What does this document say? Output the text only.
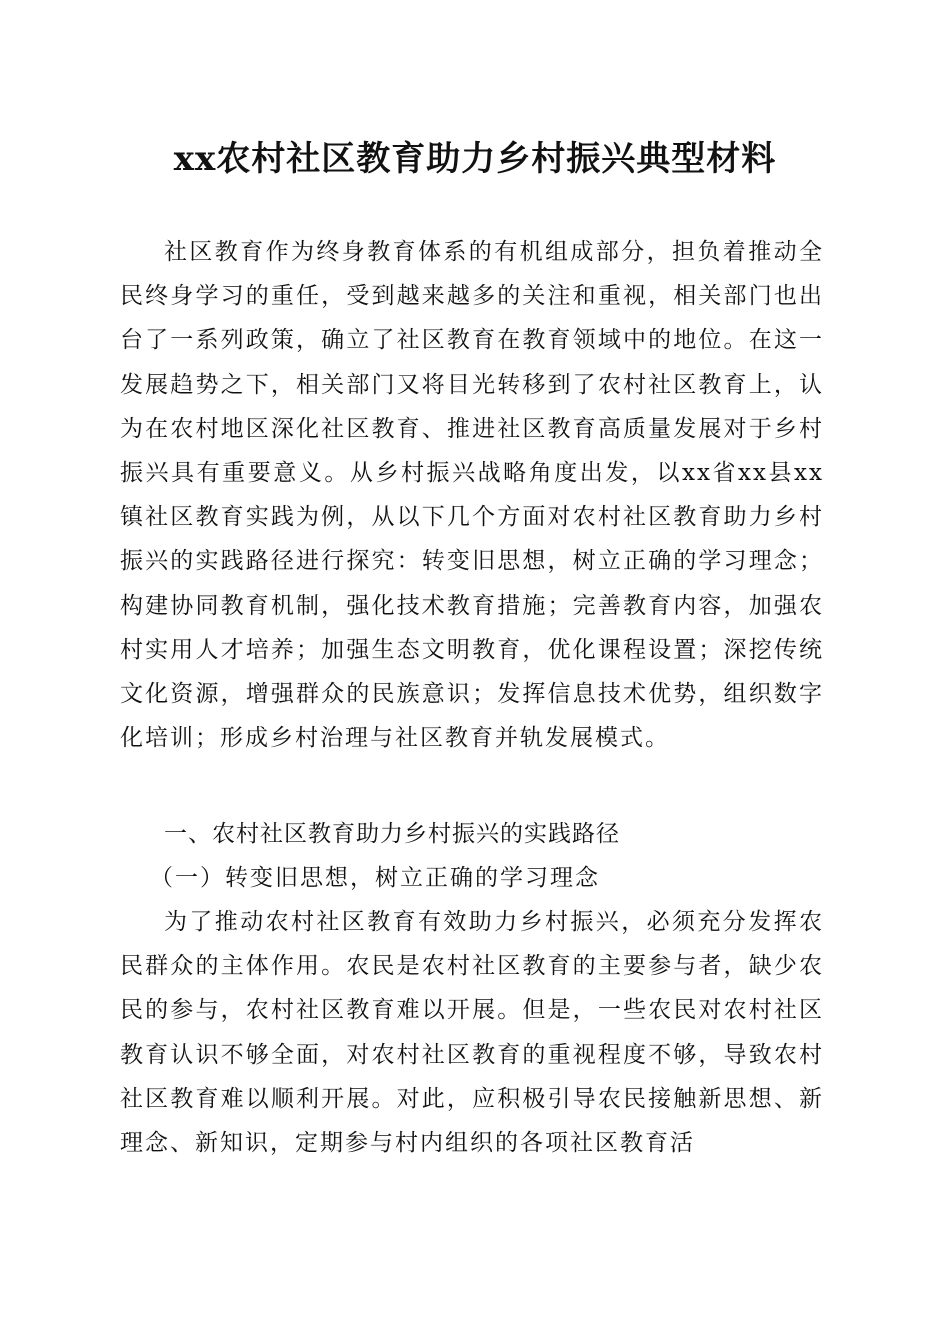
xx农村社区教育助力乡村振兴典型材料

社区教育作为终身教育体系的有机组成部分，担负着推动全民终身学习的重任，受到越来越多的关注和重视，相关部门也出台了一系列政策，确立了社区教育在教育领域中的地位。在这一发展趋势之下，相关部门又将目光转移到了农村社区教育上，认为在农村地区深化社区教育、推进社区教育高质量发展对于乡村振兴具有重要意义。从乡村振兴战略角度出发，以xx省xx县xx镇社区教育实践为例，从以下几个方面对农村社区教育助力乡村振兴的实践路径进行探究：转变旧思想，树立正确的学习理念；构建协同教育机制，强化技术教育措施；完善教育内容，加强农村实用人才培养；加强生态文明教育，优化课程设置；深挖传统文化资源，增强群众的民族意识；发挥信息技术优势，组织数字化培训；形成乡村治理与社区教育并轨发展模式。

一、农村社区教育助力乡村振兴的实践路径
（一）转变旧思想，树立正确的学习理念

为了推动农村社区教育有效助力乡村振兴，必须充分发挥农民群众的主体作用。农民是农村社区教育的主要参与者，缺少农民的参与，农村社区教育难以开展。但是，一些农民对农村社区教育认识不够全面，对农村社区教育的重视程度不够，导致农村社区教育难以顺利开展。对此，应积极引导农民接触新思想、新理念、新知识，定期参与村内组织的各项社区教育活
